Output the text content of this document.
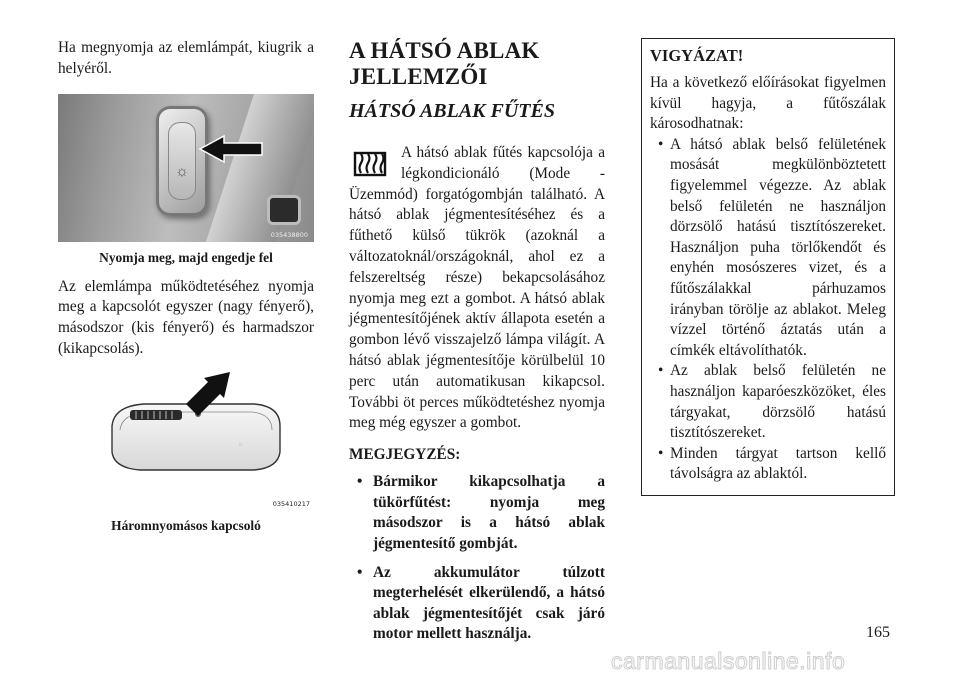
Ha megnyomja az elemlámpát, kiugrik a helyéről.

☼
035438800

Nyomja meg, majd engedje fel

Az elemlámpa működtetéséhez nyomja meg a kapcsolót egyszer (nagy fényerő), másodszor (kis fényerő) és harmadszor (kikapcsolás).

◦
035410217

Háromnyomásos kapcsoló

A HÁTSÓ ABLAK JELLEMZŐI
HÁTSÓ ABLAK FŰTÉS

A hátsó ablak fűtés kapcsolója a légkondicionáló (Mode - Üzemmód) forgatógombján található. A hátsó ablak jégmentesítéséhez és a fűthető külső tükrök (azoknál a változatoknál/országoknál, ahol ez a felszereltség része) bekapcsolásához nyomja meg ezt a gombot. A hátsó ablak jégmentesítőjének aktív állapota esetén a gombon lévő visszajelző lámpa világít. A hátsó ablak jégmentesítője körülbelül 10 perc után automatikusan kikapcsol. További öt perces működtetéshez nyomja meg még egyszer a gombot.

MEGJEGYZÉS:

• Bármikor kikapcsolhatja a tükörfűtést: nyomja meg másodszor is a hátsó ablak jégmentesítő gombját.
• Az akkumulátor túlzott megterhelését elkerülendő, a hátsó ablak jégmentesítőjét csak járó motor mellett használja.

VIGYÁZAT!

Ha a következő előírásokat figyelmen kívül hagyja, a fűtőszálak károsodhatnak:

• A hátsó ablak belső felületének mosását megkülönböztetett figyelemmel végezze. Az ablak belső felületén ne használjon dörzsölő hatású tisztítószereket. Használjon puha törlőkendőt és enyhén mosószeres vizet, és a fűtőszálakkal párhuzamos irányban törölje az ablakot. Meleg vízzel történő áztatás után a címkék eltávolíthatók.
• Az ablak belső felületén ne használjon kaparóeszközöket, éles tárgyakat, dörzsölő hatású tisztítószereket.
• Minden tárgyat tartson kellő távolságra az ablaktól.
165
carmanualsonline.info
